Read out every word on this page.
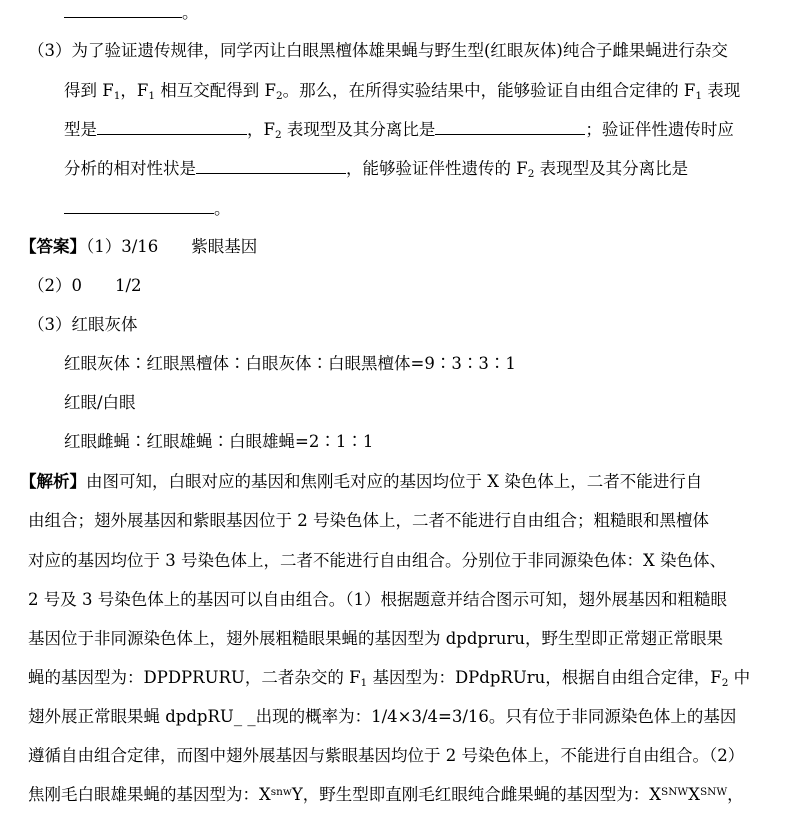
。
（3）为了验证遗传规律，同学丙让白眼黑檀体雄果蝇与野生型(红眼灰体)纯合子雌果蝇进行杂交
得到 $F_1$，$F_1$ 相互交配得到 $F_2$。那么，在所得实验结果中，能够验证自由组合定律的 $F_1$ 表现
型是	，$F_2$ 表现型及其分离比是	；验证伴性遗传时应
分析的相对性状是	，能够验证伴性遗传的 $F_2$ 表现型及其分离比是
。
【答案】（1）3/16　　紫眼基因
（2）0　　1/2
（3）红眼灰体
红眼灰体∶红眼黑檀体∶白眼灰体∶白眼黑檀体=9∶3∶3∶1
红眼/白眼
红眼雌蝇∶红眼雄蝇∶白眼雄蝇=2∶1∶1
【解析】由图可知，白眼对应的基因和焦刚毛对应的基因均位于 X 染色体上，二者不能进行自
由组合；翅外展基因和紫眼基因位于 2 号染色体上，二者不能进行自由组合；粗糙眼和黑檀体
对应的基因均位于 3 号染色体上，二者不能进行自由组合。分别位于非同源染色体：X 染色体、
2 号及 3 号染色体上的基因可以自由组合。（1）根据题意并结合图示可知，翅外展基因和粗糙眼
基因位于非同源染色体上，翅外展粗糙眼果蝇的基因型为 dpdpruru，野生型即正常翅正常眼果
蝇的基因型为：DPDPRURU，二者杂交的 $F_1$ 基因型为：DPdpRUru，根据自由组合定律，$F_2$ 中
翅外展正常眼果蝇 dpdpRU_ _出现的概率为：1/4×3/4=3/16。只有位于非同源染色体上的基因
遵循自由组合定律，而图中翅外展基因与紫眼基因均位于 2 号染色体上，不能进行自由组合。（2）
焦刚毛白眼雄果蝇的基因型为：$X^{snw}Y$，野生型即直刚毛红眼纯合雌果蝇的基因型为：$X^{SNW}X^{SNW}$，
